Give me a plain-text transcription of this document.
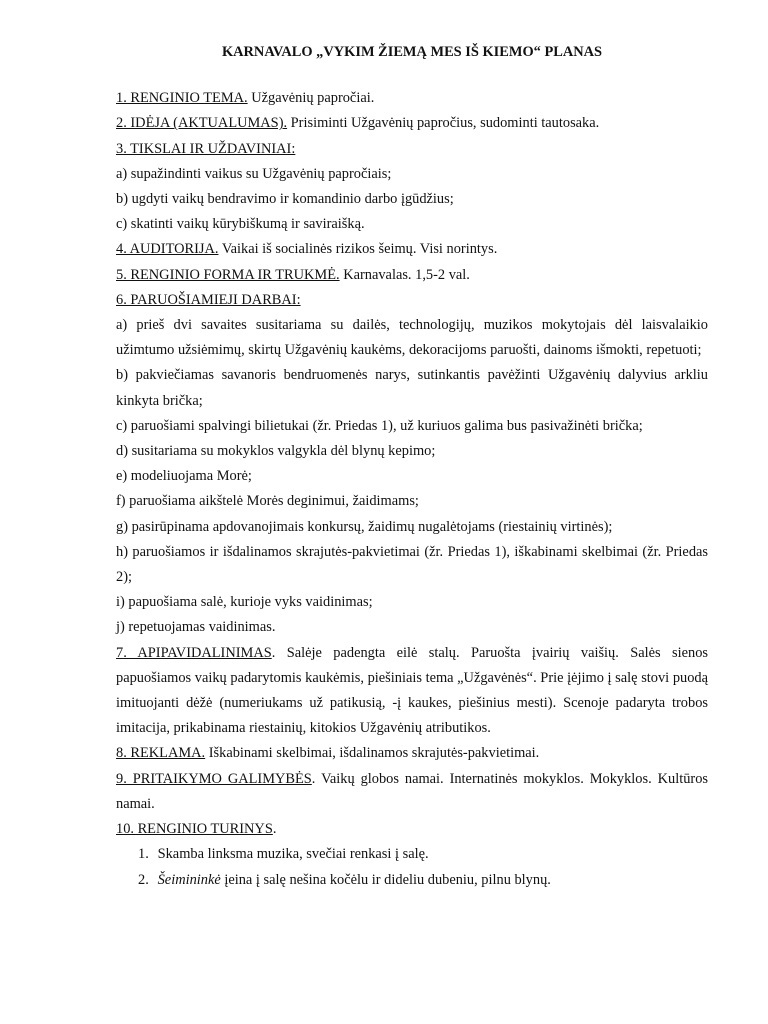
KARNAVALO „VYKIM ŽIEMĄ MES IŠ KIEMO“ PLANAS

1. RENGINIO TEMA. Užgavėnių papročiai.

2. IDĖJA (AKTUALUMAS). Prisiminti Užgavėnių papročius, sudominti tautosaka.

3. TIKSLAI IR UŽDAVINIAI:

a) supažindinti vaikus su Užgavėnių papročiais;

b) ugdyti vaikų bendravimo ir komandinio darbo įgūdžius;

c) skatinti vaikų kūrybiškumą ir saviraišką.

4. AUDITORIJA. Vaikai iš socialinės rizikos šeimų. Visi norintys.

5. RENGINIO FORMA IR TRUKMĖ. Karnavalas. 1,5-2 val.

6. PARUOŠIAMIEJI DARBAI:

a) prieš dvi savaites susitariama su dailės, technologijų, muzikos mokytojais dėl laisvalaikio užimtumo užsiėmimų, skirtų Užgavėnių kaukėms, dekoracijoms paruošti, dainoms išmokti, repetuoti;

b) pakviečiamas savanoris bendruomenės narys, sutinkantis pavėžinti Užgavėnių dalyvius arkliu kinkyta brička;

c) paruošiami spalvingi bilietukai (žr. Priedas 1), už kuriuos galima bus pasivažinėti brička;

d) susitariama su mokyklos valgykla dėl blynų kepimo;

e) modeliuojama Morė;

f) paruošiama aikštelė Morės deginimui, žaidimams;

g) pasirūpinama apdovanojimais konkursų, žaidimų nugalėtojams (riestainių virtinės);

h) paruošiamos ir išdalinamos skrajutės-pakvietimai (žr. Priedas 1), iškabinami skelbimai (žr. Priedas 2);

i) papuošiama salė, kurioje vyks vaidinimas;

j) repetuojamas vaidinimas.

7. APIPAVIDALINIMAS. Salėje padengta eilė stalų. Paruošta įvairių vaišių. Salės sienos papuošiamos vaikų padarytomis kaukėmis, piešiniais tema „Užgavėnės“. Prie įėjimo į salę stovi puodą imituojanti dėžė (numeriukams už patikusią, -į kaukes, piešinius mesti). Scenoje padaryta trobos imitacija, prikabinama riestainių, kitokios Užgavėnių atributikos.

8. REKLAMA. Iškabinami skelbimai, išdalinamos skrajutės-pakvietimai.

9. PRITAIKYMO GALIMYBĖS. Vaikų globos namai. Internatinės mokyklos. Mokyklos. Kultūros namai.

10. RENGINIO TURINYS.

1. Skamba linksma muzika, svečiai renkasi į salę.

2. Šeimininkė įeina į salę nešina kočėlu ir dideliu dubeniu, pilnu blynų.
